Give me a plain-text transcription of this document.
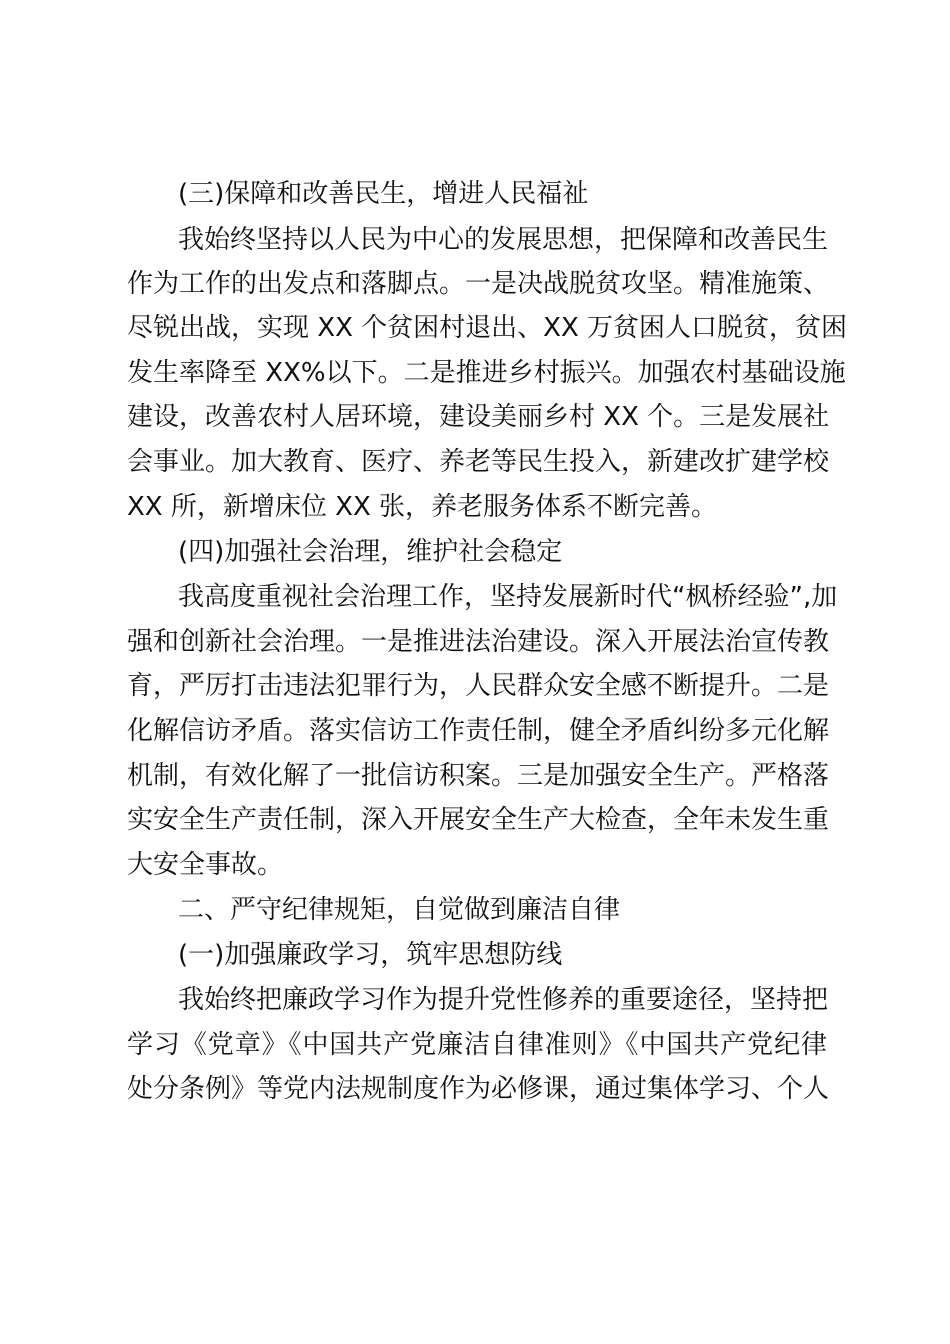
(三)保障和改善民生，增进人民福祉
我始终坚持以人民为中心的发展思想，把保障和改善民生
作为工作的出发点和落脚点。一是决战脱贫攻坚。精准施策、
尽锐出战，实现 XX 个贫困村退出、XX 万贫困人口脱贫，贫困
发生率降至 XX%以下。二是推进乡村振兴。加强农村基础设施
建设，改善农村人居环境，建设美丽乡村 XX 个。三是发展社
会事业。加大教育、医疗、养老等民生投入，新建改扩建学校
XX 所，新增床位 XX 张，养老服务体系不断完善。
(四)加强社会治理，维护社会稳定
我高度重视社会治理工作，坚持发展新时代“枫桥经验”,加
强和创新社会治理。一是推进法治建设。深入开展法治宣传教
育，严厉打击违法犯罪行为，人民群众安全感不断提升。二是
化解信访矛盾。落实信访工作责任制，健全矛盾纠纷多元化解
机制，有效化解了一批信访积案。三是加强安全生产。严格落
实安全生产责任制，深入开展安全生产大检查，全年未发生重
大安全事故。
二、严守纪律规矩，自觉做到廉洁自律
(一)加强廉政学习，筑牢思想防线
我始终把廉政学习作为提升党性修养的重要途径，坚持把
学习《党章》《中国共产党廉洁自律准则》《中国共产党纪律
处分条例》等党内法规制度作为必修课，通过集体学习、个人
